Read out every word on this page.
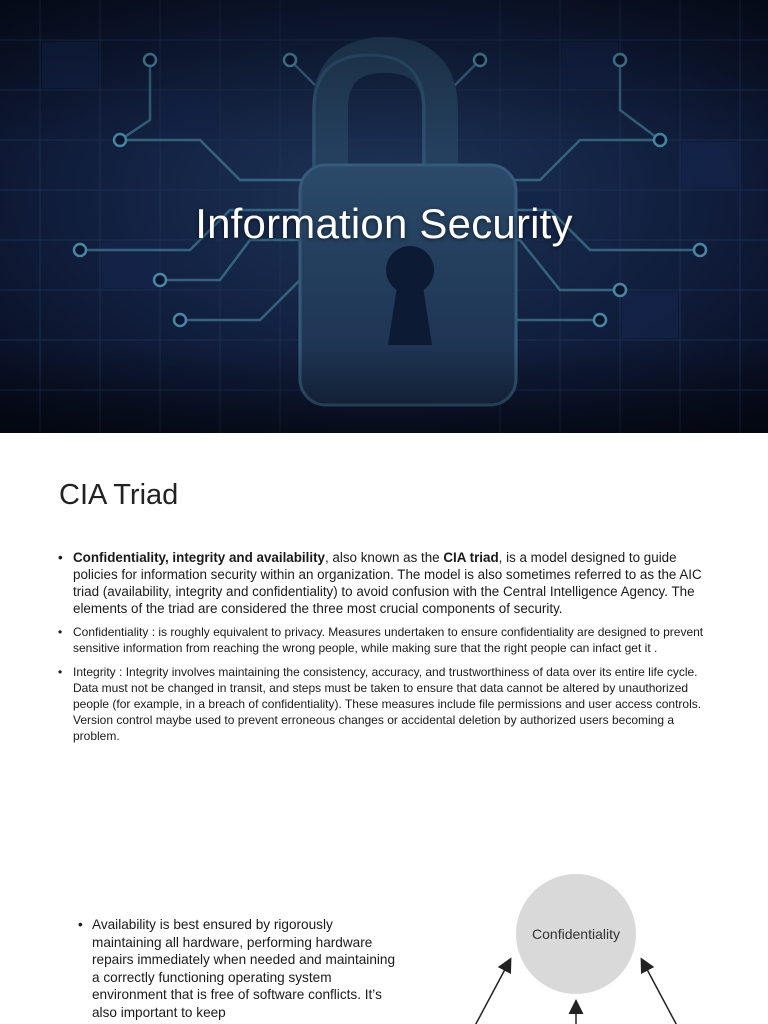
Information Security
CIA Triad
• Confidentiality, integrity and availability, also known as the CIA triad, is a model designed to guide policies for information security within an organization. The model is also sometimes referred to as the AIC triad (availability, integrity and confidentiality) to avoid confusion with the Central Intelligence Agency. The elements of the triad are considered the three most crucial components of security.
• Confidentiality : is roughly equivalent to privacy. Measures undertaken to ensure confidentiality are designed to prevent sensitive information from reaching the wrong people, while making sure that the right people can infact get it .
• Integrity : Integrity involves maintaining the consistency, accuracy, and trustworthiness of data over its entire life cycle. Data must not be changed in transit, and steps must be taken to ensure that data cannot be altered by unauthorized people (for example, in a breach of confidentiality). These measures include file permissions and user access controls. Version control maybe used to prevent erroneous changes or accidental deletion by authorized users becoming a problem.
• Availability is best ensured by rigorously maintaining all hardware, performing hardware repairs immediately when needed and maintaining a correctly functioning operating system environment that is free of software conflicts. It’s also important to keep
Confidentiality
